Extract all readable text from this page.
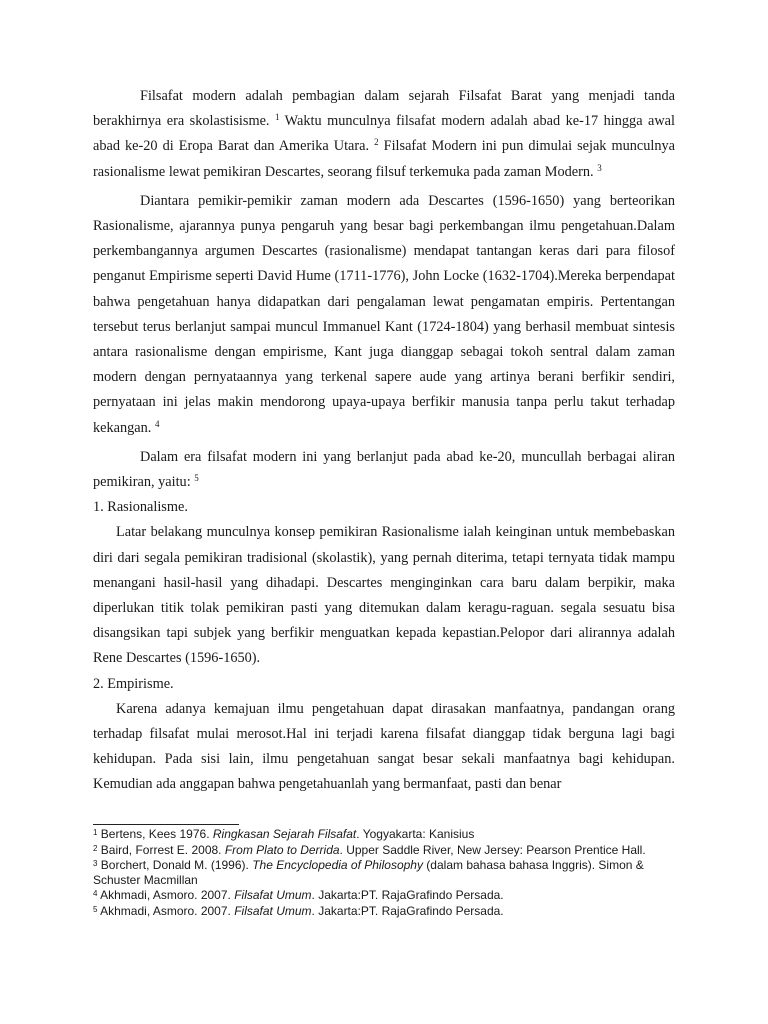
Filsafat modern adalah pembagian dalam sejarah Filsafat Barat yang menjadi tanda berakhirnya era skolastisisme. $^1$ Waktu munculnya filsafat modern adalah abad ke-17 hingga awal abad ke-20 di Eropa Barat dan Amerika Utara. $^2$ Filsafat Modern ini pun dimulai sejak munculnya rasionalisme lewat pemikiran Descartes, seorang filsuf terkemuka pada zaman Modern. $^3$

Diantara pemikir-pemikir zaman modern ada Descartes (1596-1650) yang berteorikan Rasionalisme, ajarannya punya pengaruh yang besar bagi perkembangan ilmu pengetahuan.Dalam perkembangannya argumen Descartes (rasionalisme) mendapat tantangan keras dari para filosof penganut Empirisme seperti David Hume (1711-1776), John Locke (1632-1704).Mereka berpendapat bahwa pengetahuan hanya didapatkan dari pengalaman lewat pengamatan empiris. Pertentangan tersebut terus berlanjut sampai muncul Immanuel Kant (1724-1804) yang berhasil membuat sintesis antara rasionalisme dengan empirisme, Kant juga dianggap sebagai tokoh sentral dalam zaman modern dengan pernyataannya yang terkenal sapere aude yang artinya berani berfikir sendiri, pernyataan ini jelas makin mendorong upaya-upaya berfikir manusia tanpa perlu takut terhadap kekangan. $^4$

Dalam era filsafat modern ini yang berlanjut pada abad ke-20, muncullah berbagai aliran pemikiran, yaitu: $^5$

1. Rasionalisme.

Latar belakang munculnya konsep pemikiran Rasionalisme ialah keinginan untuk membebaskan diri dari segala pemikiran tradisional (skolastik), yang pernah diterima, tetapi ternyata tidak mampu menangani hasil-hasil yang dihadapi. Descartes menginginkan cara baru dalam berpikir, maka diperlukan titik tolak pemikiran pasti yang ditemukan dalam keragu-raguan. segala sesuatu bisa disangsikan tapi subjek yang berfikir menguatkan kepada kepastian.Pelopor dari alirannya adalah Rene Descartes (1596-1650).

2. Empirisme.

Karena adanya kemajuan ilmu pengetahuan dapat dirasakan manfaatnya, pandangan orang terhadap filsafat mulai merosot.Hal ini terjadi karena filsafat dianggap tidak berguna lagi bagi kehidupan. Pada sisi lain, ilmu pengetahuan sangat besar sekali manfaatnya bagi kehidupan. Kemudian ada anggapan bahwa pengetahuanlah yang bermanfaat, pasti dan benar

$^1$ Bertens, Kees 1976. Ringkasan Sejarah Filsafat. Yogyakarta: Kanisius

$^2$ Baird, Forrest E. 2008. From Plato to Derrida. Upper Saddle River, New Jersey: Pearson Prentice Hall.

$^3$ Borchert, Donald M. (1996). The Encyclopedia of Philosophy (dalam bahasa bahasa Inggris). Simon & Schuster Macmillan

$^4$ Akhmadi, Asmoro. 2007. Filsafat Umum. Jakarta:PT. RajaGrafindo Persada.

$^5$ Akhmadi, Asmoro. 2007. Filsafat Umum. Jakarta:PT. RajaGrafindo Persada.
